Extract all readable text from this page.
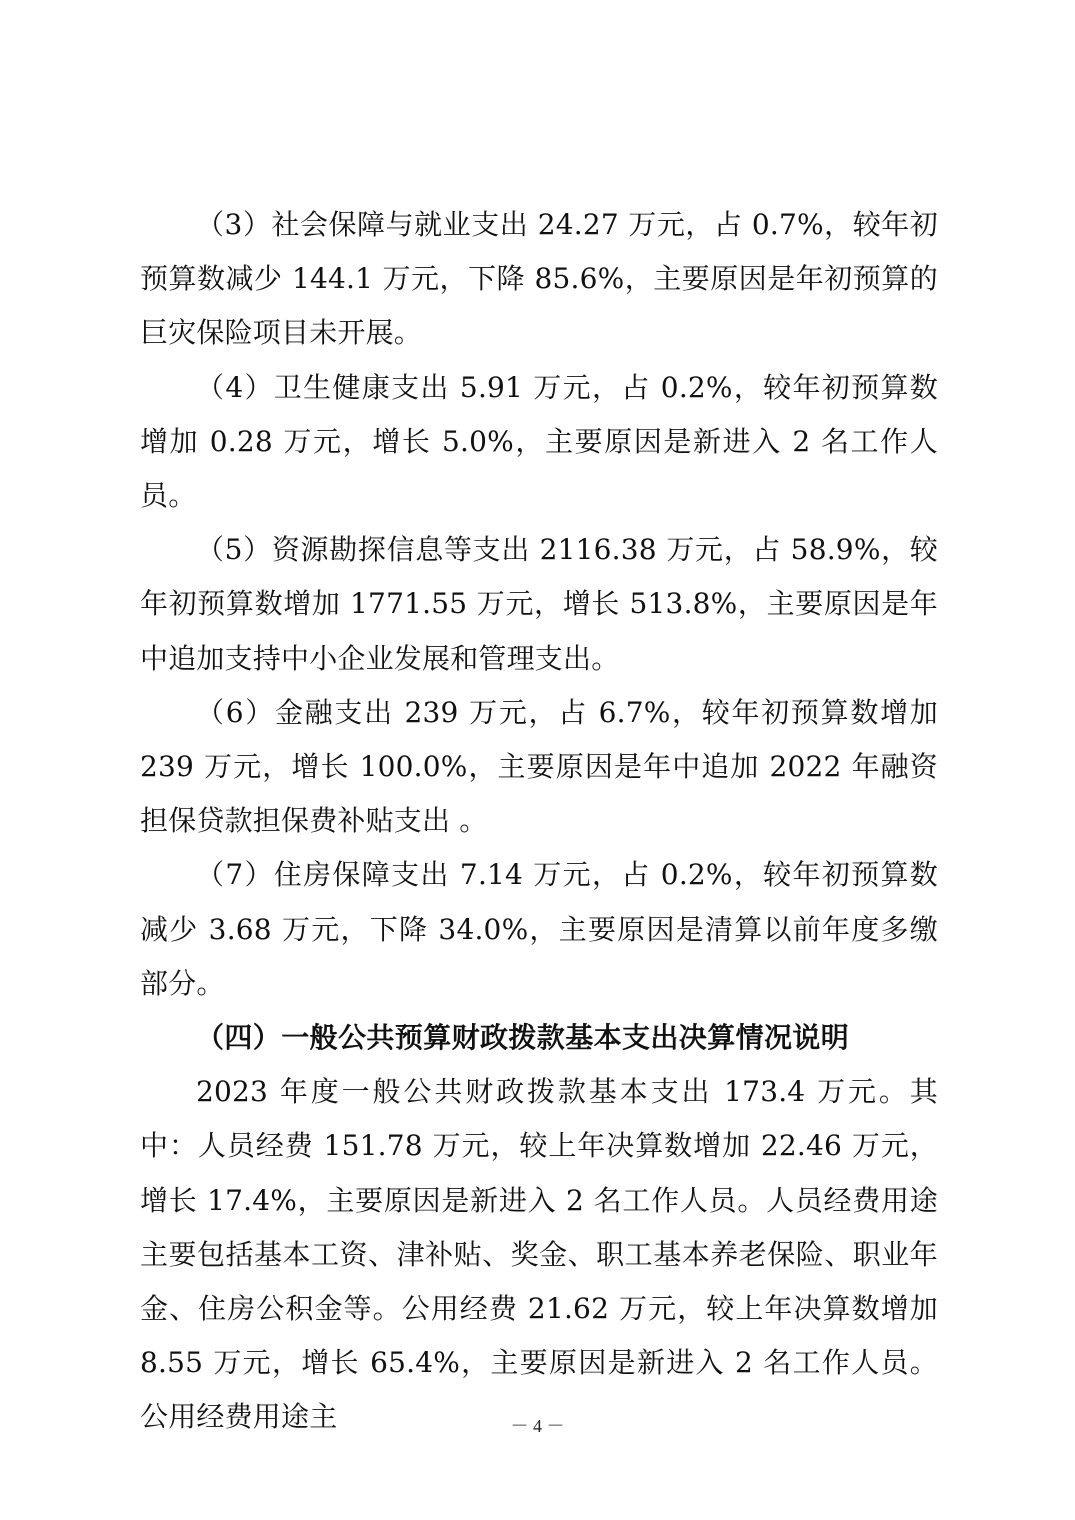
（3）社会保障与就业支出 24.27 万元，占 0.7%，较年初预算数减少 144.1 万元，下降 85.6%，主要原因是年初预算的巨灾保险项目未开展。

（4）卫生健康支出 5.91 万元，占 0.2%，较年初预算数增加 0.28 万元，增长 5.0%，主要原因是新进入 2 名工作人员。

（5）资源勘探信息等支出 2116.38 万元，占 58.9%，较年初预算数增加 1771.55 万元，增长 513.8%，主要原因是年中追加支持中小企业发展和管理支出。

（6）金融支出 239 万元，占 6.7%，较年初预算数增加 239 万元，增长 100.0%，主要原因是年中追加 2022 年融资担保贷款担保费补贴支出 。

（7）住房保障支出 7.14 万元，占 0.2%，较年初预算数减少 3.68 万元，下降 34.0%，主要原因是清算以前年度多缴部分。

（四）一般公共预算财政拨款基本支出决算情况说明

2023 年度一般公共财政拨款基本支出 173.4 万元。其中：人员经费 151.78 万元，较上年决算数增加 22.46 万元，增长 17.4%，主要原因是新进入 2 名工作人员。人员经费用途主要包括基本工资、津补贴、奖金、职工基本养老保险、职业年金、住房公积金等。公用经费 21.62 万元，较上年决算数增加 8.55 万元，增长 65.4%，主要原因是新进入 2 名工作人员。公用经费用途主	－ 4 －
